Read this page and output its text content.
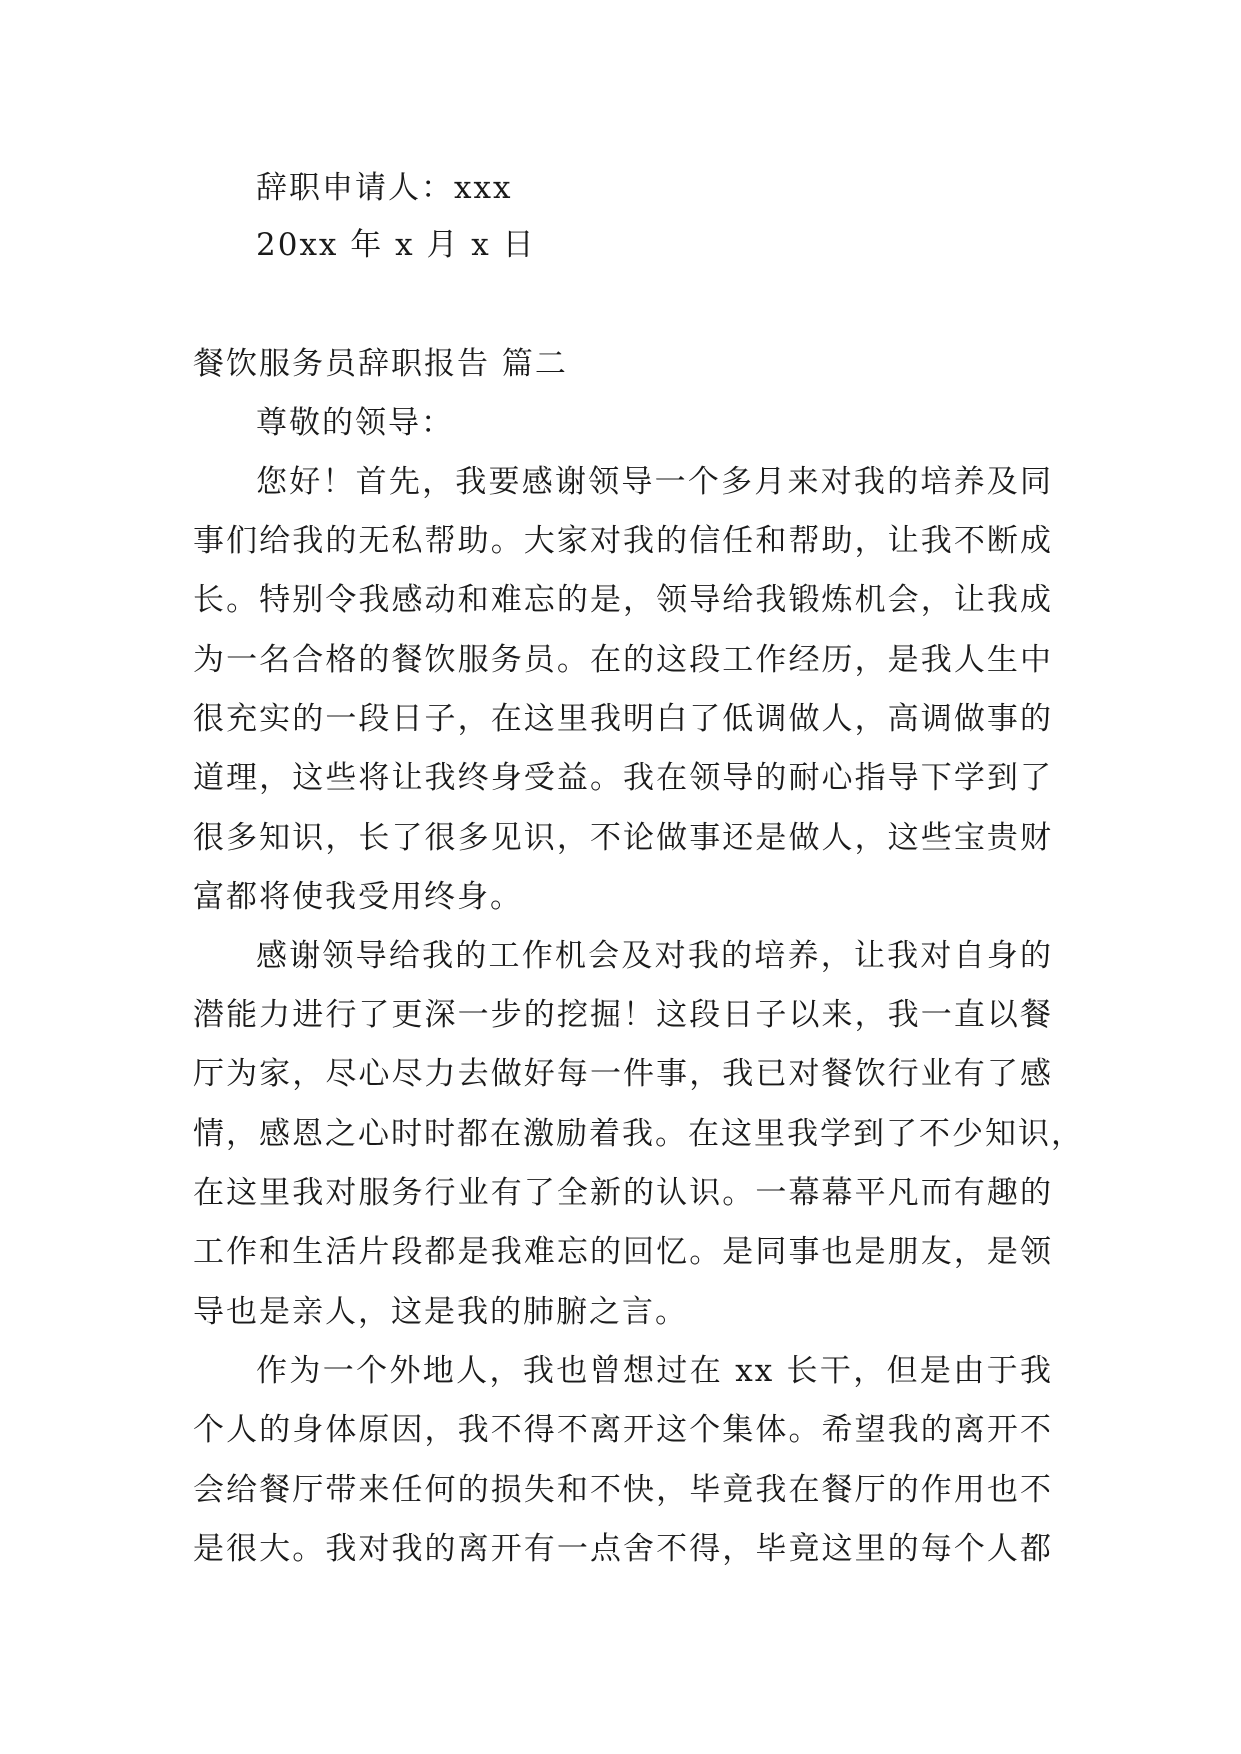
辞职申请人：xxx
20xx 年 x 月 x 日
餐饮服务员辞职报告 篇二
尊敬的领导：
您好！首先，我要感谢领导一个多月来对我的培养及同
事们给我的无私帮助。大家对我的信任和帮助，让我不断成
长。特别令我感动和难忘的是，领导给我锻炼机会，让我成
为一名合格的餐饮服务员。在的这段工作经历，是我人生中
很充实的一段日子，在这里我明白了低调做人，高调做事的
道理，这些将让我终身受益。我在领导的耐心指导下学到了
很多知识，长了很多见识，不论做事还是做人，这些宝贵财
富都将使我受用终身。
感谢领导给我的工作机会及对我的培养，让我对自身的
潜能力进行了更深一步的挖掘！这段日子以来，我一直以餐
厅为家，尽心尽力去做好每一件事，我已对餐饮行业有了感
情，感恩之心时时都在激励着我。在这里我学到了不少知识，
在这里我对服务行业有了全新的认识。一幕幕平凡而有趣的
工作和生活片段都是我难忘的回忆。是同事也是朋友，是领
导也是亲人，这是我的肺腑之言。
作为一个外地人，我也曾想过在 xx 长干，但是由于我
个人的身体原因，我不得不离开这个集体。希望我的离开不
会给餐厅带来任何的损失和不快，毕竟我在餐厅的作用也不
是很大。我对我的离开有一点舍不得，毕竟这里的每个人都
